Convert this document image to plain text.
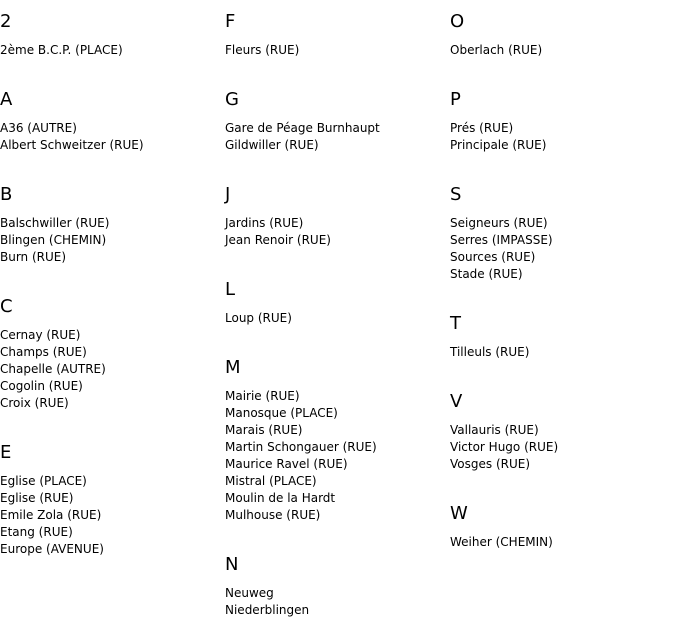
2
2ème B.C.P. (PLACE)
A
A36 (AUTRE)
Albert Schweitzer (RUE)
B
Balschwiller (RUE)
Blingen (CHEMIN)
Burn (RUE)
C
Cernay (RUE)
Champs (RUE)
Chapelle (AUTRE)
Cogolin (RUE)
Croix (RUE)
E
Eglise (PLACE)
Eglise (RUE)
Emile Zola (RUE)
Etang (RUE)
Europe (AVENUE)
F
Fleurs (RUE)
G
Gare de Péage Burnhaupt
Gildwiller (RUE)
J
Jardins (RUE)
Jean Renoir (RUE)
L
Loup (RUE)
M
Mairie (RUE)
Manosque (PLACE)
Marais (RUE)
Martin Schongauer (RUE)
Maurice Ravel (RUE)
Mistral (PLACE)
Moulin de la Hardt
Mulhouse (RUE)
N
Neuweg
Niederblingen
O
Oberlach (RUE)
P
Prés (RUE)
Principale (RUE)
S
Seigneurs (RUE)
Serres (IMPASSE)
Sources (RUE)
Stade (RUE)
T
Tilleuls (RUE)
V
Vallauris (RUE)
Victor Hugo (RUE)
Vosges (RUE)
W
Weiher (CHEMIN)
